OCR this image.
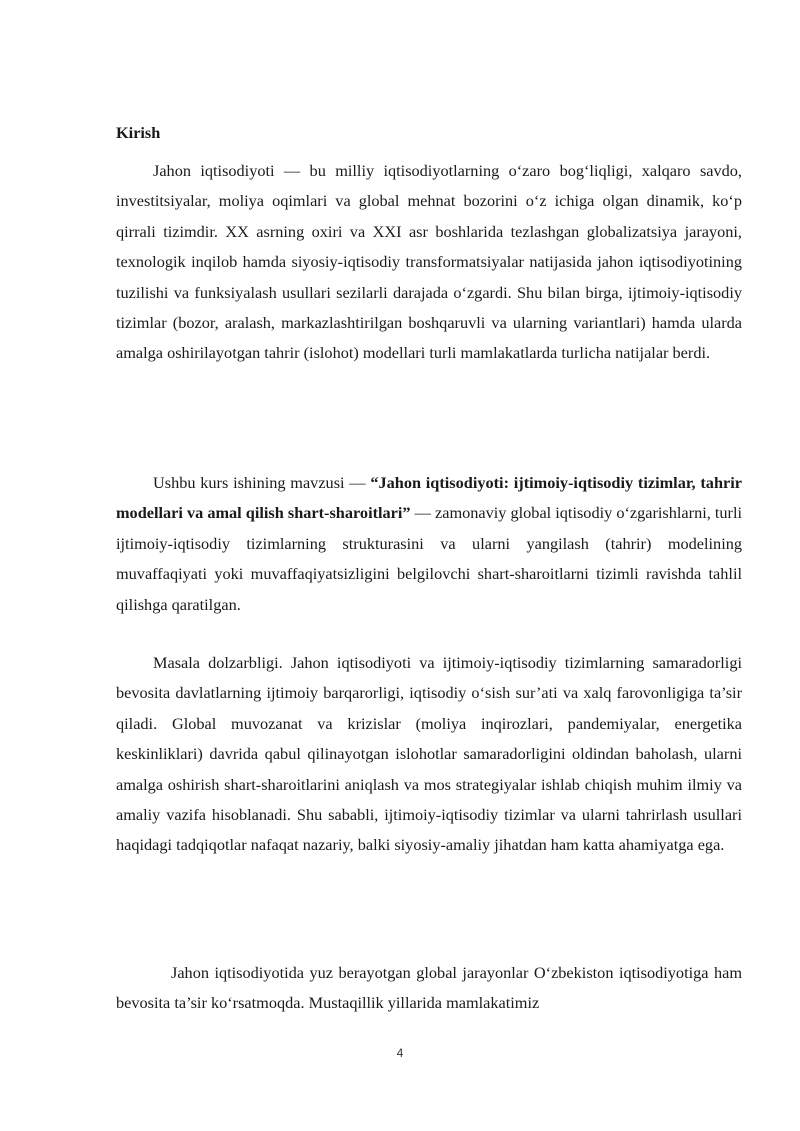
Kirish
Jahon iqtisodiyoti — bu milliy iqtisodiyotlarning o‘zaro bog‘liqligi, xalqaro savdo, investitsiyalar, moliya oqimlari va global mehnat bozorini o‘z ichiga olgan dinamik, ko‘p qirrali tizimdir. XX asrning oxiri va XXI asr boshlarida tezlashgan globalizatsiya jarayoni, texnologik inqilob hamda siyosiy-iqtisodiy transformatsiyalar natijasida jahon iqtisodiyotining tuzilishi va funksiyalash usullari sezilarli darajada o‘zgardi. Shu bilan birga, ijtimoiy-iqtisodiy tizimlar (bozor, aralash, markazlashtirilgan boshqaruvli va ularning variantlari) hamda ularda amalga oshirilayotgan tahrir (islohot) modellari turli mamlakatlarda turlicha natijalar berdi.
Ushbu kurs ishining mavzusi — “Jahon iqtisodiyoti: ijtimoiy-iqtisodiy tizimlar, tahrir modellari va amal qilish shart-sharoitlari” — zamonaviy global iqtisodiy o‘zgarishlarni, turli ijtimoiy-iqtisodiy tizimlarning strukturasini va ularni yangilash (tahrir) modelining muvaffaqiyati yoki muvaffaqiyatsizligini belgilovchi shart-sharoitlarni tizimli ravishda tahlil qilishga qaratilgan.
Masala dolzarbligi. Jahon iqtisodiyoti va ijtimoiy-iqtisodiy tizimlarning samaradorligi bevosita davlatlarning ijtimoiy barqarorligi, iqtisodiy o‘sish sur’ati va xalq farovonligiga ta’sir qiladi. Global muvozanat va krizislar (moliya inqirozlari, pandemiyalar, energetika keskinliklari) davrida qabul qilinayotgan islohotlar samaradorligini oldindan baholash, ularni amalga oshirish shart-sharoitlarini aniqlash va mos strategiyalar ishlab chiqish muhim ilmiy va amaliy vazifa hisoblanadi. Shu sababli, ijtimoiy-iqtisodiy tizimlar va ularni tahrirlash usullari haqidagi tadqiqotlar nafaqat nazariy, balki siyosiy-amaliy jihatdan ham katta ahamiyatga ega.
Jahon iqtisodiyotida yuz berayotgan global jarayonlar O‘zbekiston iqtisodiyotiga ham bevosita ta’sir ko‘rsatmoqda. Mustaqillik yillarida mamlakatimiz
4
